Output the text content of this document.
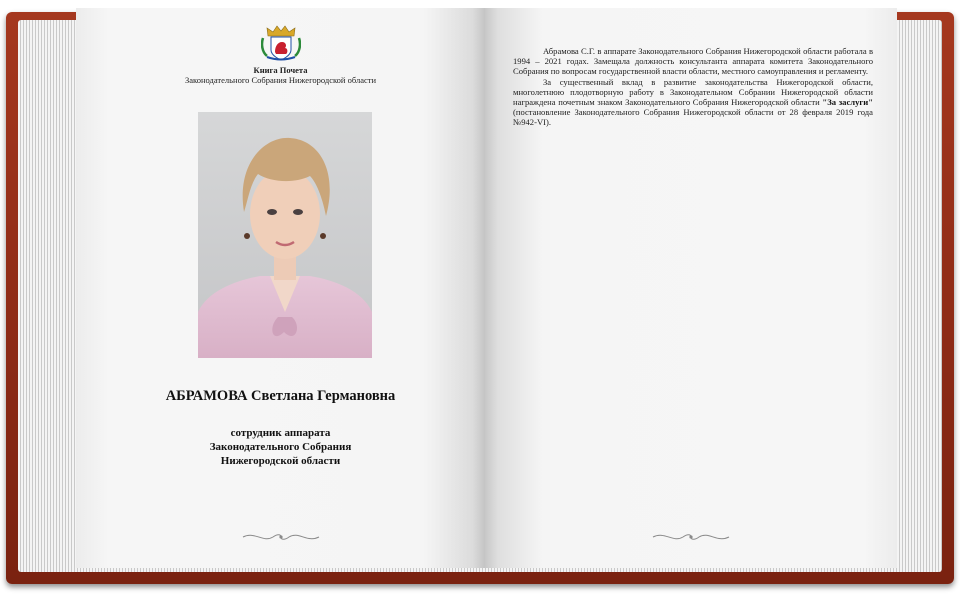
Книга Почета
Законодательного Собрания Нижегородской области
АБРАМОВА Светлана Германовна
сотрудник аппарата
Законодательного Собрания
Нижегородской области

Абрамова С.Г. в аппарате Законодательного Собрания Нижегородской области работала в 1994 – 2021 годах. Замещала должность консультанта аппарата комитета Законодательного Собрания по вопросам государственной власти области, местного самоуправления и регламенту.

За существенный вклад в развитие законодательства Нижегородской области, многолетнюю плодотворную работу в Законодательном Собрании Нижегородской области награждена почетным знаком Законодательного Собрания Нижегородской области "За заслуги" (постановление Законодательного Собрания Нижегородской области от 28 февраля 2019 года №942-VI).
